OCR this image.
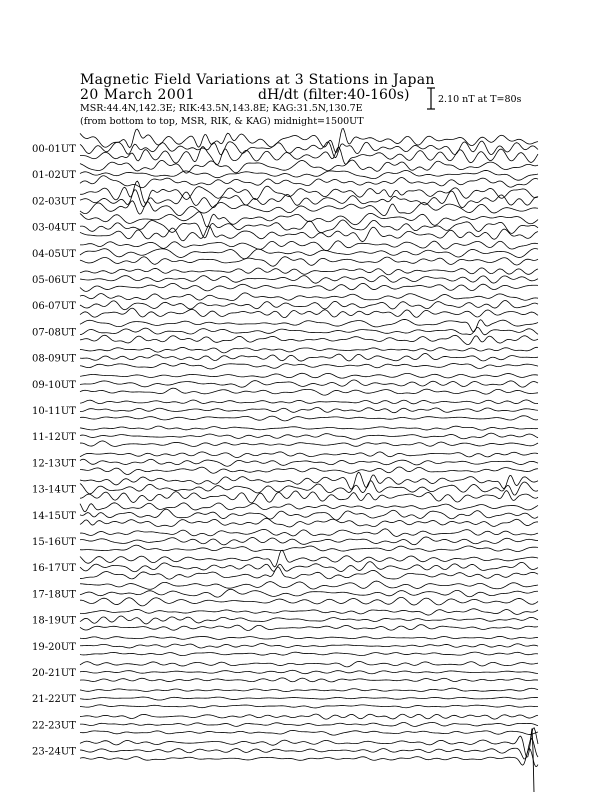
Magnetic Field Variations at 3 Stations in Japan
20 March 2001	dH/dt (filter:40-160s)
MSR:44.4N,142.3E; RIK:43.5N,143.8E; KAG:31.5N,130.7E
(from bottom to top, MSR, RIK, & KAG) midnight=1500UT
2.10 nT at T=80s
00-01UT
01-02UT
02-03UT
03-04UT
04-05UT
05-06UT
06-07UT
07-08UT
08-09UT
09-10UT
10-11UT
11-12UT
12-13UT
13-14UT
14-15UT
15-16UT
16-17UT
17-18UT
18-19UT
19-20UT
20-21UT
21-22UT
22-23UT
23-24UT
